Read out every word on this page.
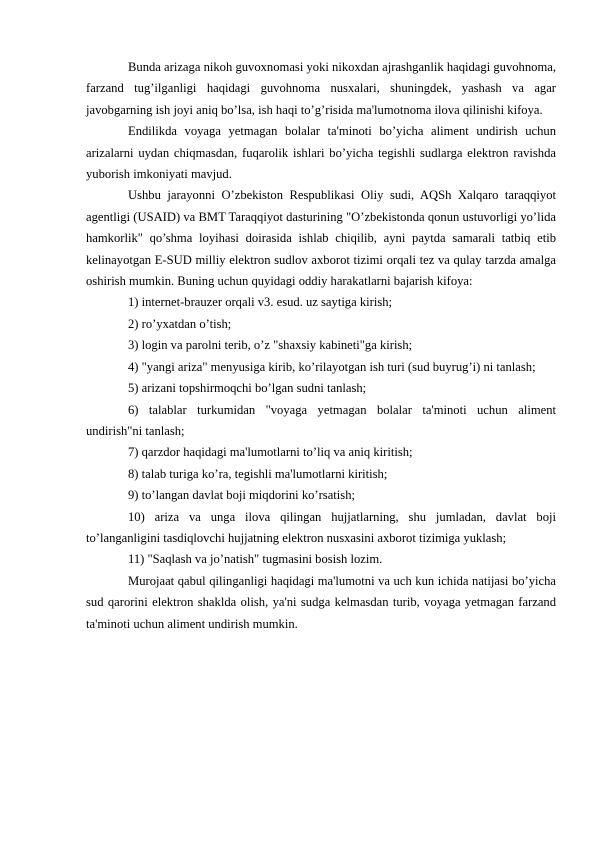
Bunda arizaga nikoh guvoxnomasi yoki nikoxdan ajrashganlik haqidagi guvohnoma, farzand tug’ilganligi haqidagi guvohnoma nusxalari, shuningdek, yashash va agar javobgarning ish joyi aniq bo’lsa, ish haqi to’g’risida ma'lumotnoma ilova qilinishi kifoya.

Endilikda voyaga yetmagan bolalar ta'minoti bo’yicha aliment undirish uchun arizalarni uydan chiqmasdan, fuqarolik ishlari bo’yicha tegishli sudlarga elektron ravishda yuborish imkoniyati mavjud.

Ushbu jarayonni O’zbekiston Respublikasi Oliy sudi, AQSh Xalqaro taraqqiyot agentligi (USAID) va BMT Taraqqiyot dasturining "O’zbekistonda qonun ustuvorligi yo’lida hamkorlik" qo’shma loyihasi doirasida ishlab chiqilib, ayni paytda samarali tatbiq etib kelinayotgan E-SUD milliy elektron sudlov axborot tizimi orqali tez va qulay tarzda amalga oshirish mumkin. Buning uchun quyidagi oddiy harakatlarni bajarish kifoya:

1) internet-brauzer orqali v3. esud. uz saytiga kirish;

2) ro’yxatdan o’tish;

3) login va parolni terib, o’z "shaxsiy kabineti"ga kirish;

4) "yangi ariza" menyusiga kirib, ko’rilayotgan ish turi (sud buyrug’i) ni tanlash;

5) arizani topshirmoqchi bo’lgan sudni tanlash;

6) talablar turkumidan "voyaga yetmagan bolalar ta'minoti uchun aliment undirish"ni tanlash;

7) qarzdor haqidagi ma'lumotlarni to’liq va aniq kiritish;

8) talab turiga ko’ra, tegishli ma'lumotlarni kiritish;

9) to’langan davlat boji miqdorini ko’rsatish;

10) ariza va unga ilova qilingan hujjatlarning, shu jumladan, davlat boji to’langanligini tasdiqlovchi hujjatning elektron nusxasini axborot tizimiga yuklash;

11) "Saqlash va jo’natish" tugmasini bosish lozim.

Murojaat qabul qilinganligi haqidagi ma'lumotni va uch kun ichida natijasi bo’yicha sud qarorini elektron shaklda olish, ya'ni sudga kelmasdan turib, voyaga yetmagan farzand ta'minoti uchun aliment undirish mumkin.
